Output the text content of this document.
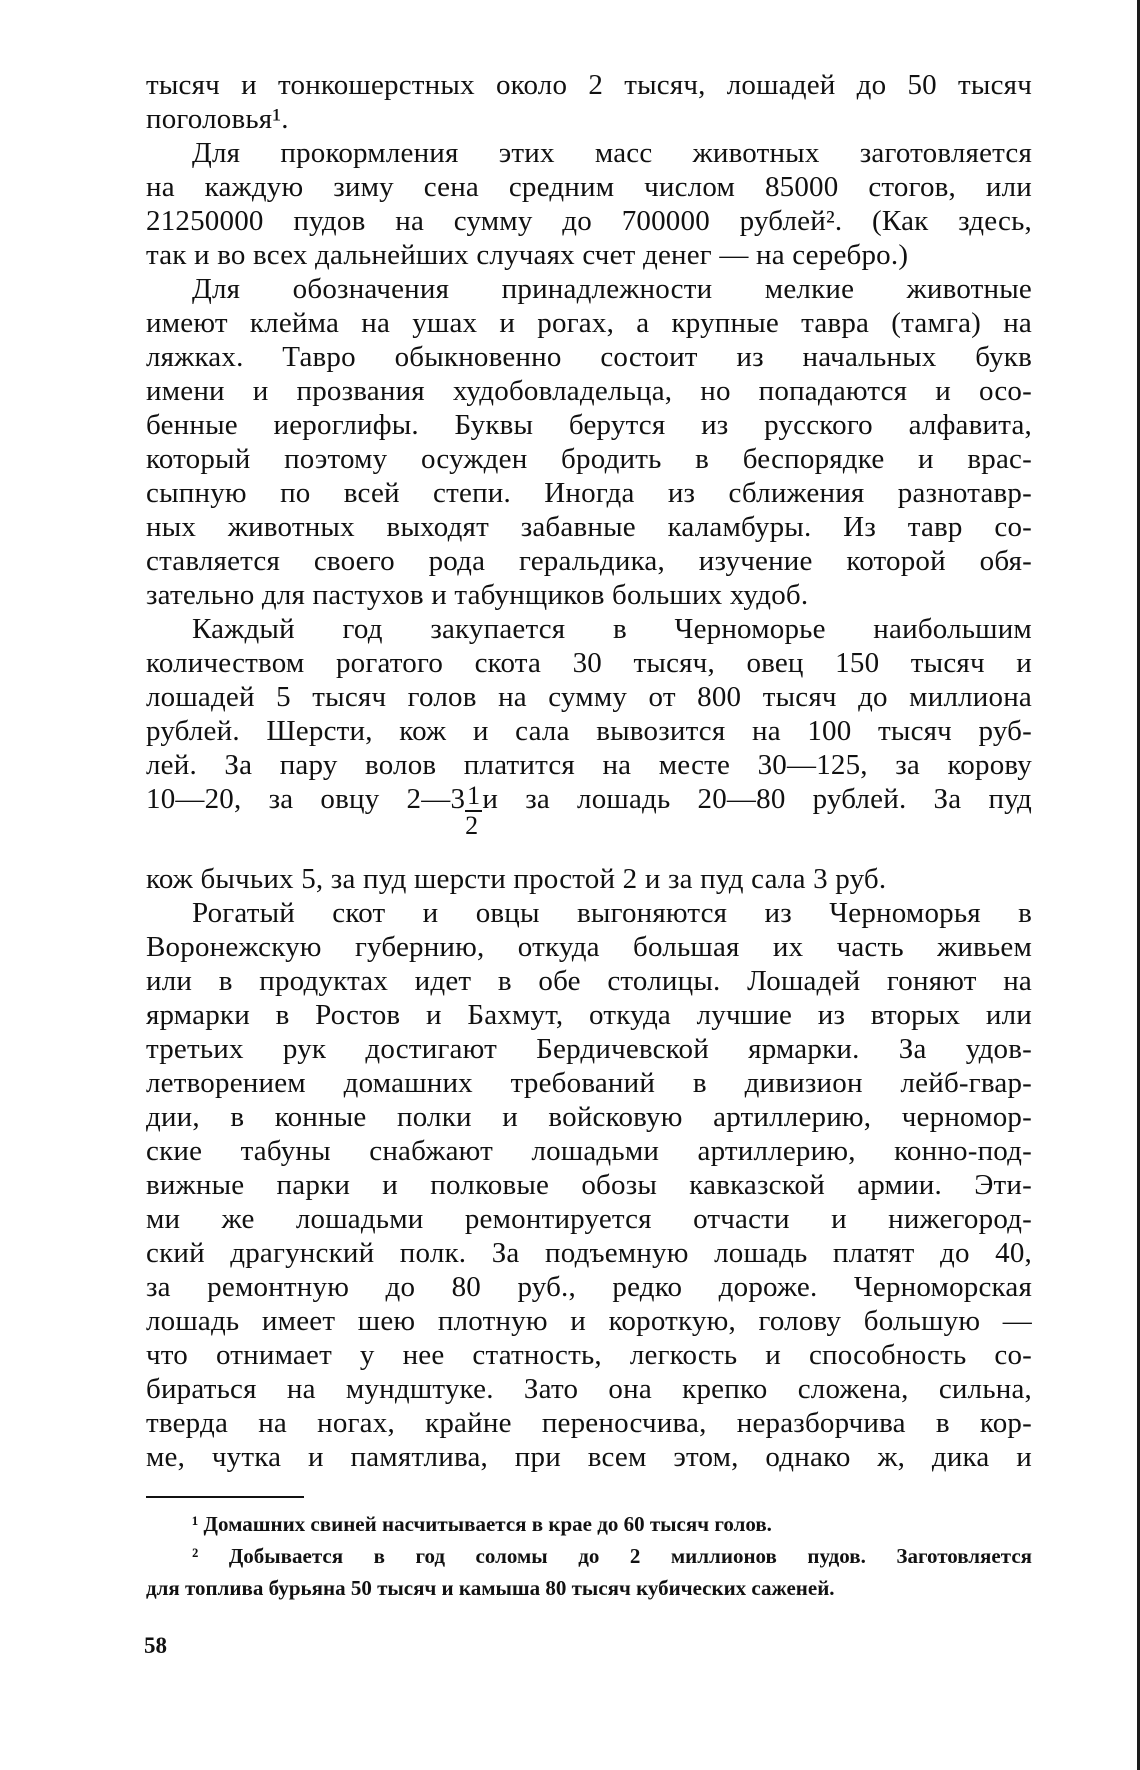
тысяч и тонкошерстных около 2 тысяч, лошадей до 50 тысяч
поголовья¹.
Для прокормления этих масс животных заготовляется
на каждую зиму сена средним числом 85000 стогов, или
21250000 пудов на сумму до 700000 рублей². (Как здесь,
так и во всех дальнейших случаях счет денег — на серебро.)
Для обозначения принадлежности мелкие животные
имеют клейма на ушах и рогах, а крупные тавра (тамга) на
ляжках. Тавро обыкновенно состоит из начальных букв
имени и прозвания худобовладельца, но попадаются и осо-
бенные иероглифы. Буквы берутся из русского алфавита,
который поэтому осужден бродить в беспорядке и врас-
сыпную по всей степи. Иногда из сближения разнотавр-
ных животных выходят забавные каламбуры. Из тавр со-
ставляется своего рода геральдика, изучение которой обя-
зательно для пастухов и табунщиков больших худоб.
Каждый год закупается в Черноморье наибольшим
количеством рогатого скота 30 тысяч, овец 150 тысяч и
лошадей 5 тысяч голов на сумму от 800 тысяч до миллиона
рублей. Шерсти, кож и сала вывозится на 100 тысяч руб-
лей. За пару волов платится на месте 30—125, за корову
10—20, за овцу 2—3 $\frac{1}{2}$ и за лошадь 20—80 рублей. За пуд
кож бычьих 5, за пуд шерсти простой 2 и за пуд сала 3 руб.
Рогатый скот и овцы выгоняются из Черноморья в
Воронежскую губернию, откуда большая их часть живьем
или в продуктах идет в обе столицы. Лошадей гоняют на
ярмарки в Ростов и Бахмут, откуда лучшие из вторых или
третьих рук достигают Бердичевской ярмарки. За удов-
летворением домашних требований в дивизион лейб-гвар-
дии, в конные полки и войсковую артиллерию, черномор-
ские табуны снабжают лошадьми артиллерию, конно-под-
вижные парки и полковые обозы кавказской армии. Эти-
ми же лошадьми ремонтируется отчасти и нижегород-
ский драгунский полк. За подъемную лошадь платят до 40,
за ремонтную до 80 руб., редко дороже. Черноморская
лошадь имеет шею плотную и короткую, голову большую —
что отнимает у нее статность, легкость и способность со-
бираться на мундштуке. Зато она крепко сложена, сильна,
тверда на ногах, крайне переносчива, неразборчива в кор-
ме, чутка и памятлива, при всем этом, однако ж, дика и
¹ Домашних свиней насчитывается в крае до 60 тысяч голов.
² Добывается в год соломы до 2 миллионов пудов. Заготовляется
для топлива бурьяна 50 тысяч и камыша 80 тысяч кубических саженей.
58
